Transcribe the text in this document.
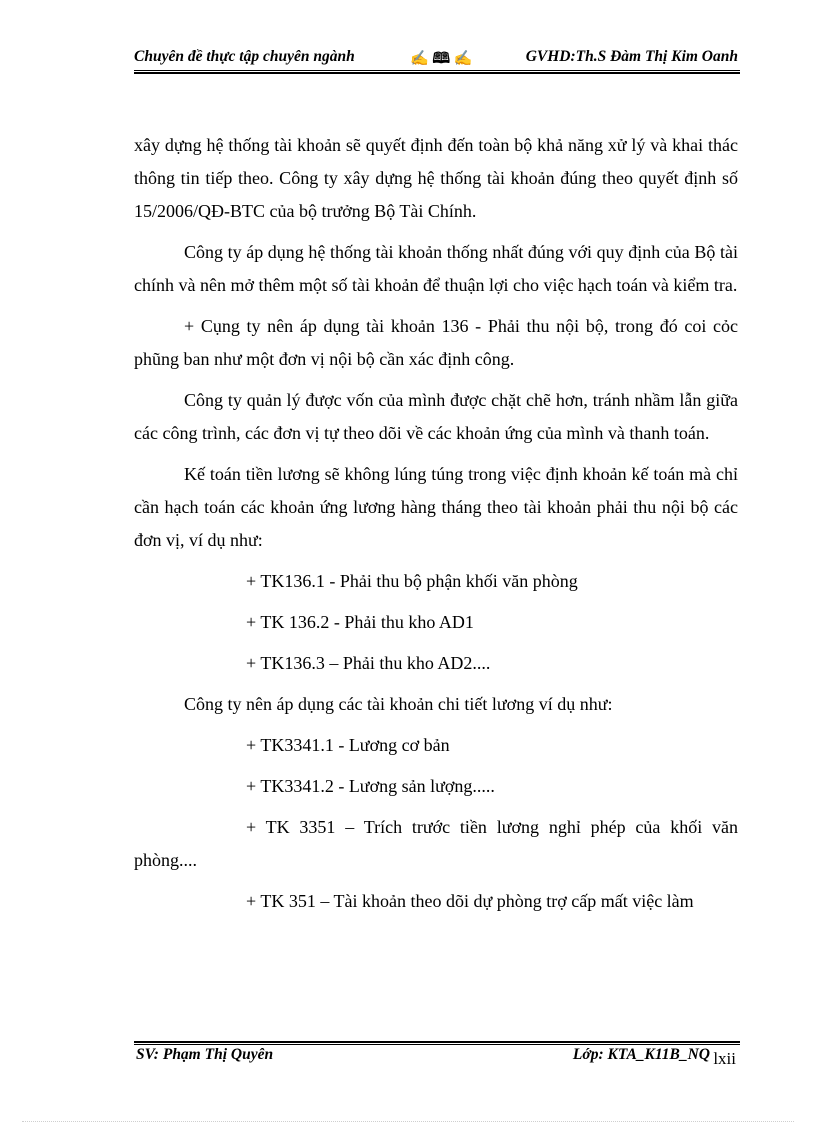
Chuyên đề thực tập chuyên ngành	✍ 🕮 ✍	GVHD:Th.S Đàm Thị Kim Oanh

xây dựng hệ thống tài khoản sẽ quyết định đến toàn bộ khả năng xử lý và khai thác thông tin tiếp theo. Công ty xây dựng hệ thống tài khoản đúng theo quyết định số 15/2006/QĐ-BTC của bộ trưởng Bộ Tài Chính.

Công ty áp dụng hệ thống tài khoản thống nhất đúng với quy định của Bộ tài chính và nên mở thêm một số tài khoản để thuận lợi cho việc hạch toán và kiểm tra.

+ Cụng ty nên áp dụng tài khoản 136 - Phải thu nội bộ, trong đó coi cỏc phũng ban như một đơn vị nội bộ cần xác định công.

Công ty quản lý được vốn của mình được chặt chẽ hơn, tránh nhầm lẫn giữa các công trình, các đơn vị tự theo dõi về các khoản ứng của mình và thanh toán.

Kế toán tiền lương sẽ không lúng túng trong việc định khoản kế toán mà chỉ cần hạch toán các khoản ứng lương hàng tháng theo tài khoản phải thu nội bộ các đơn vị, ví dụ như:

+ TK136.1 - Phải thu bộ phận khối văn phòng

+ TK 136.2 - Phải thu kho AD1

+ TK136.3 – Phải thu kho AD2....

Công ty nên áp dụng các tài khoản chi tiết lương ví dụ như:

+ TK3341.1 - Lương cơ bản

+ TK3341.2 - Lương sản lượng.....

+ TK 3351 – Trích trước tiền lương nghỉ phép của khối văn phòng....

+ TK 351 – Tài khoản theo dõi dự phòng trợ cấp mất việc làm

SV: Phạm Thị Quyên	Lớp: KTA_K11B_NQ lxii
